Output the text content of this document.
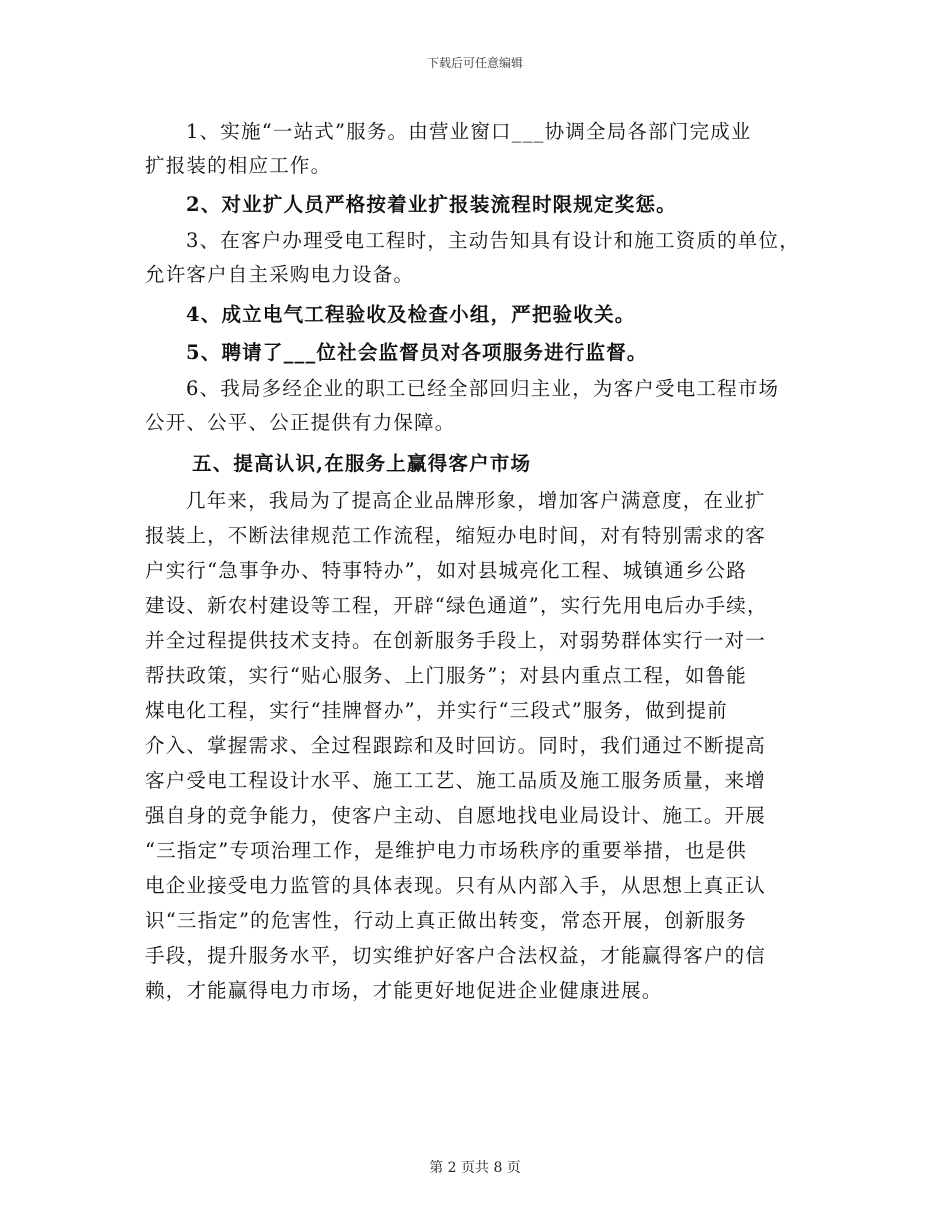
下载后可任意编辑
1、实施“一站式”服务。由营业窗口___协调全局各部门完成业
扩报装的相应工作。
2、对业扩人员严格按着业扩报装流程时限规定奖惩。
3、在客户办理受电工程时，主动告知具有设计和施工资质的单位，
允许客户自主采购电力设备。
4、成立电气工程验收及检查小组，严把验收关。
5、聘请了___位社会监督员对各项服务进行监督。
6、我局多经企业的职工已经全部回归主业，为客户受电工程市场
公开、公平、公正提供有力保障。
五、提高认识,在服务上赢得客户市场
几年来，我局为了提高企业品牌形象，增加客户满意度，在业扩
报装上，不断法律规范工作流程，缩短办电时间，对有特别需求的客
户实行“急事争办、特事特办”，如对县城亮化工程、城镇通乡公路
建设、新农村建设等工程，开辟“绿色通道”，实行先用电后办手续，
并全过程提供技术支持。在创新服务手段上，对弱势群体实行一对一
帮扶政策，实行“贴心服务、上门服务”；对县内重点工程，如鲁能
煤电化工程，实行“挂牌督办”，并实行“三段式”服务，做到提前
介入、掌握需求、全过程跟踪和及时回访。同时，我们通过不断提高
客户受电工程设计水平、施工工艺、施工品质及施工服务质量，来增
强自身的竞争能力，使客户主动、自愿地找电业局设计、施工。开展
“三指定”专项治理工作，是维护电力市场秩序的重要举措，也是供
电企业接受电力监管的具体表现。只有从内部入手，从思想上真正认
识“三指定”的危害性，行动上真正做出转变，常态开展，创新服务
手段，提升服务水平，切实维护好客户合法权益，才能赢得客户的信
赖，才能赢得电力市场，才能更好地促进企业健康进展。
第 2 页共 8 页
